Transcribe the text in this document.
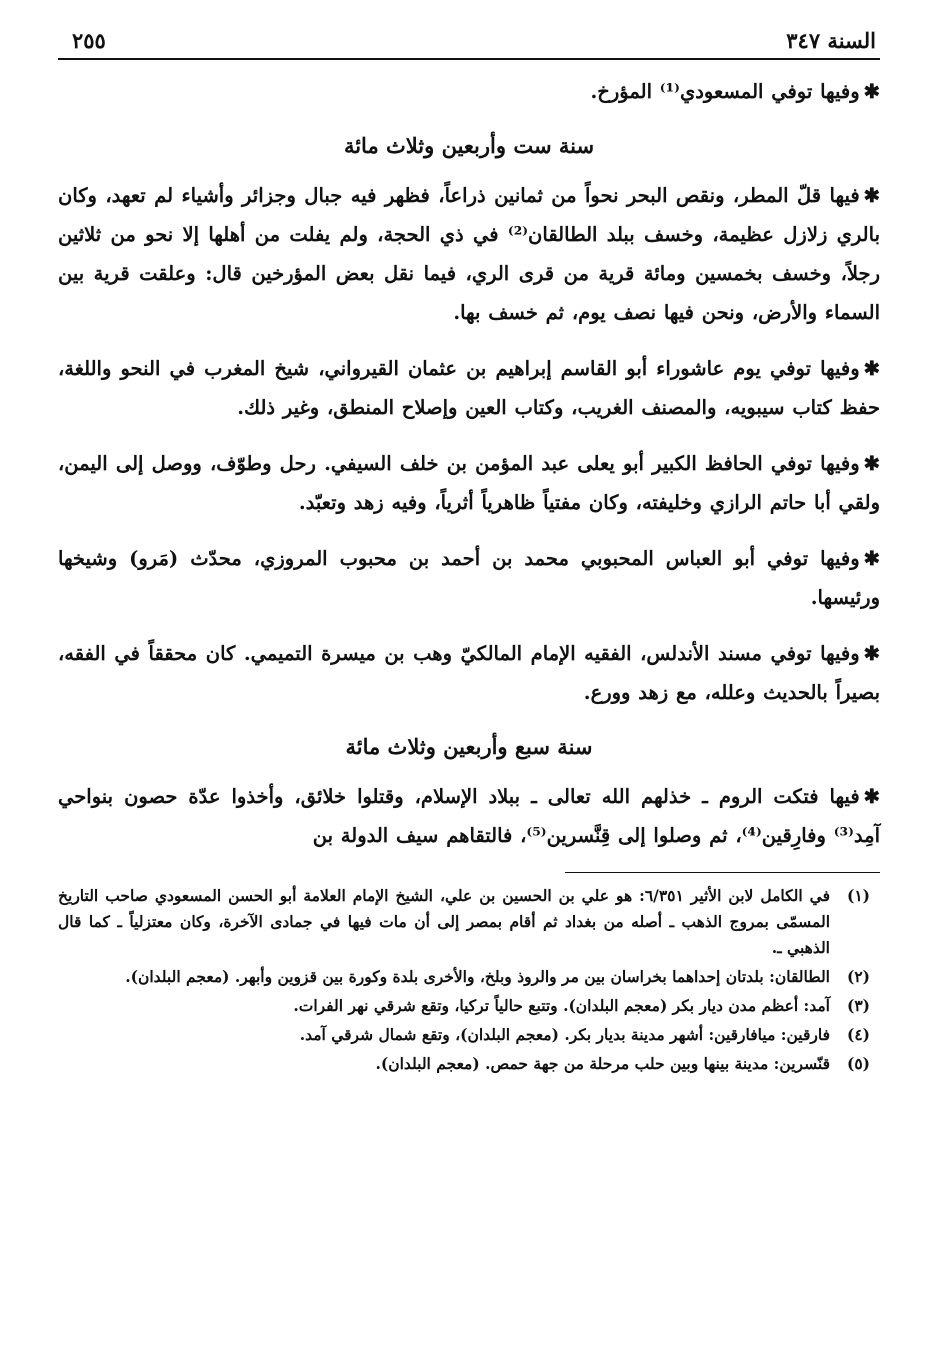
السنة ٣٤٧
٢٥٥

✱وفيها توفي المسعودي⁽¹⁾ المؤرخ.

سنة ست وأربعين وثلاث مائة

✱فيها قلّ المطر، ونقص البحر نحواً من ثمانين ذراعاً، فظهر فيه جبال وجزائر وأشياء لم تعهد، وكان بالري زلازل عظيمة، وخسف ببلد الطالقان⁽²⁾ في ذي الحجة، ولم يفلت من أهلها إلا نحو من ثلاثين رجلاً، وخسف بخمسين ومائة قرية من قرى الري، فيما نقل بعض المؤرخين قال: وعلقت قرية بين السماء والأرض، ونحن فيها نصف يوم، ثم خسف بها.

✱وفيها توفي يوم عاشوراء أبو القاسم إبراهيم بن عثمان القيرواني، شيخ المغرب في النحو واللغة، حفظ كتاب سيبويه، والمصنف الغريب، وكتاب العين وإصلاح المنطق، وغير ذلك.

✱وفيها توفي الحافظ الكبير أبو يعلى عبد المؤمن بن خلف السيفي. رحل وطوّف، ووصل إلى اليمن، ولقي أبا حاتم الرازي وخليفته، وكان مفتياً ظاهرياً أثرياً، وفيه زهد وتعبّد.

✱وفيها توفي أبو العباس المحبوبي محمد بن أحمد بن محبوب المروزي، محدّث (مَرو) وشيخها ورئيسها.

✱وفيها توفي مسند الأندلس، الفقيه الإمام المالكيّ وهب بن ميسرة التميمي. كان محققاً في الفقه، بصيراً بالحديث وعلله، مع زهد وورع.

سنة سبع وأربعين وثلاث مائة

✱فيها فتكت الروم ـ خذلهم الله تعالى ـ ببلاد الإسلام، وقتلوا خلائق، وأخذوا عدّة حصون بنواحي آمِد⁽³⁾ وفارِقين⁽⁴⁾، ثم وصلوا إلى قِنَّسرين⁽⁵⁾، فالتقاهم سيف الدولة بن

(١)
في الكامل لابن الأثير ٦/٣٥١: هو علي بن الحسين بن علي، الشيخ الإمام العلامة أبو الحسن المسعودي صاحب التاريخ المسمّى بمروج الذهب ـ أصله من بغداد ثم أقام بمصر إلى أن مات فيها في جمادى الآخرة، وكان معتزلياً ـ كما قال الذهبي ـ.
(٢)
الطالقان: بلدتان إحداهما بخراسان بين مر والروذ وبلخ، والأخرى بلدة وكورة بين قزوين وأبهر. (معجم البلدان).
(٣)
آمد: أعظم مدن ديار بكر (معجم البلدان). وتتبع حالياً تركيا، وتقع شرقي نهر الفرات.
(٤)
فارقين: ميافارقين: أشهر مدينة بديار بكر. (معجم البلدان)، وتقع شمال شرقي آمد.
(٥)
قنّسرين: مدينة بينها وبين حلب مرحلة من جهة حمص. (معجم البلدان).
